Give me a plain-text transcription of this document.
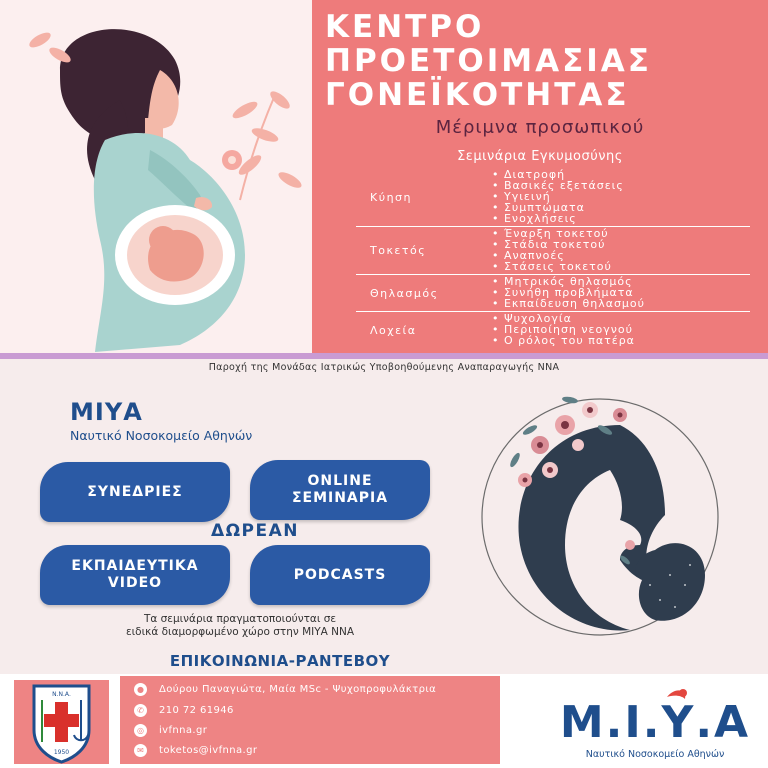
ΚΕΝΤΡΟ
ΠΡΟΕΤΟΙΜΑΣΙΑΣ
ΓΟΝΕΪΚΟΤΗΤΑΣ
Μέριμνα προσωπικού
Σεμινάρια Εγκυμοσύνης
Κύηση
• Διατροφή
• Βασικές εξετάσεις
• Υγιεινή
• Συμπτώματα
• Ενοχλήσεις
Τοκετός
• Έναρξη τοκετού
• Στάδια τοκετού
• Αναπνοές
• Στάσεις τοκετού
Θηλασμός
• Μητρικός θηλασμός
• Συνήθη προβλήματα
• Εκπαίδευση θηλασμού
Λοχεία
• Ψυχολογία
• Περιποίηση νεογνού
• Ο ρόλος του πατέρα
Παροχή της Μονάδας Ιατρικώς Υποβοηθούμενης Αναπαραγωγής ΝΝΑ
ΜΙΥΑ
Ναυτικό Νοσοκομείο Αθηνών
ΣΥΝΕΔΡΙΕΣ
ONLINE
ΣΕΜΙΝΑΡΙΑ
ΔΩΡΕΑΝ
ΕΚΠΑΙΔΕΥΤΙΚΑ
VIDEO
PODCASTS
Τα σεμινάρια πραγματοποιούνται σε
ειδικά διαμορφωμένο χώρο στην ΜΙΥΑ ΝΝΑ
ΕΠΙΚΟΙΝΩΝΙΑ-ΡΑΝΤΕΒΟΥ
Ν.Ν.Α.
1950
●	Δούρου Παναγιώτα, Μαία MSc - Ψυχοπροφυλάκτρια
✆	210 72 61946
◎	ivfnna.gr
✉	toketos@ivfnna.gr
Μ.Ι.Υ.Α
Ναυτικό Νοσοκομείο Αθηνών
